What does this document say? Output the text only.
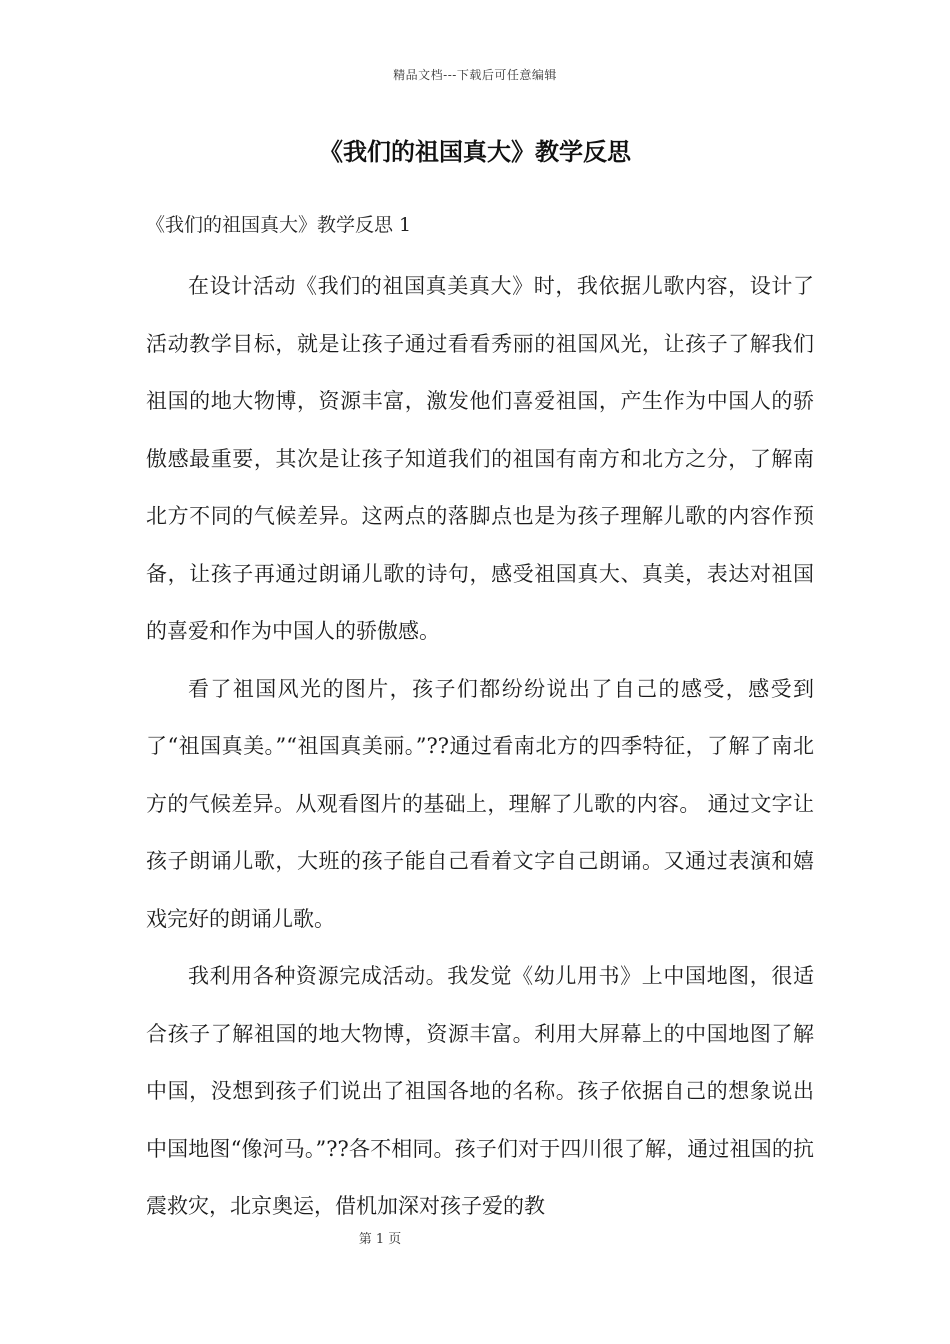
精品文档---下载后可任意编辑
《我们的祖国真大》教学反思
《我们的祖国真大》教学反思 1

在设计活动《我们的祖国真美真大》时，我依据儿歌内容，设计了活动教学目标，就是让孩子通过看看秀丽的祖国风光，让孩子了解我们祖国的地大物博，资源丰富，激发他们喜爱祖国，产生作为中国人的骄傲感最重要，其次是让孩子知道我们的祖国有南方和北方之分，了解南北方不同的气候差异。这两点的落脚点也是为孩子理解儿歌的内容作预备，让孩子再通过朗诵儿歌的诗句，感受祖国真大、真美，表达对祖国的喜爱和作为中国人的骄傲感。

看了祖国风光的图片，孩子们都纷纷说出了自己的感受，感受到了“祖国真美。”“祖国真美丽。”??通过看南北方的四季特征，了解了南北方的气候差异。从观看图片的基础上，理解了儿歌的内容。 通过文字让孩子朗诵儿歌，大班的孩子能自己看着文字自己朗诵。又通过表演和嬉戏完好的朗诵儿歌。

我利用各种资源完成活动。我发觉《幼儿用书》上中国地图，很适合孩子了解祖国的地大物博，资源丰富。利用大屏幕上的中国地图了解中国，没想到孩子们说出了祖国各地的名称。孩子依据自己的想象说出中国地图“像河马。”??各不相同。孩子们对于四川很了解，通过祖国的抗震救灾，北京奥运，借机加深对孩子爱的教

第 1 页
